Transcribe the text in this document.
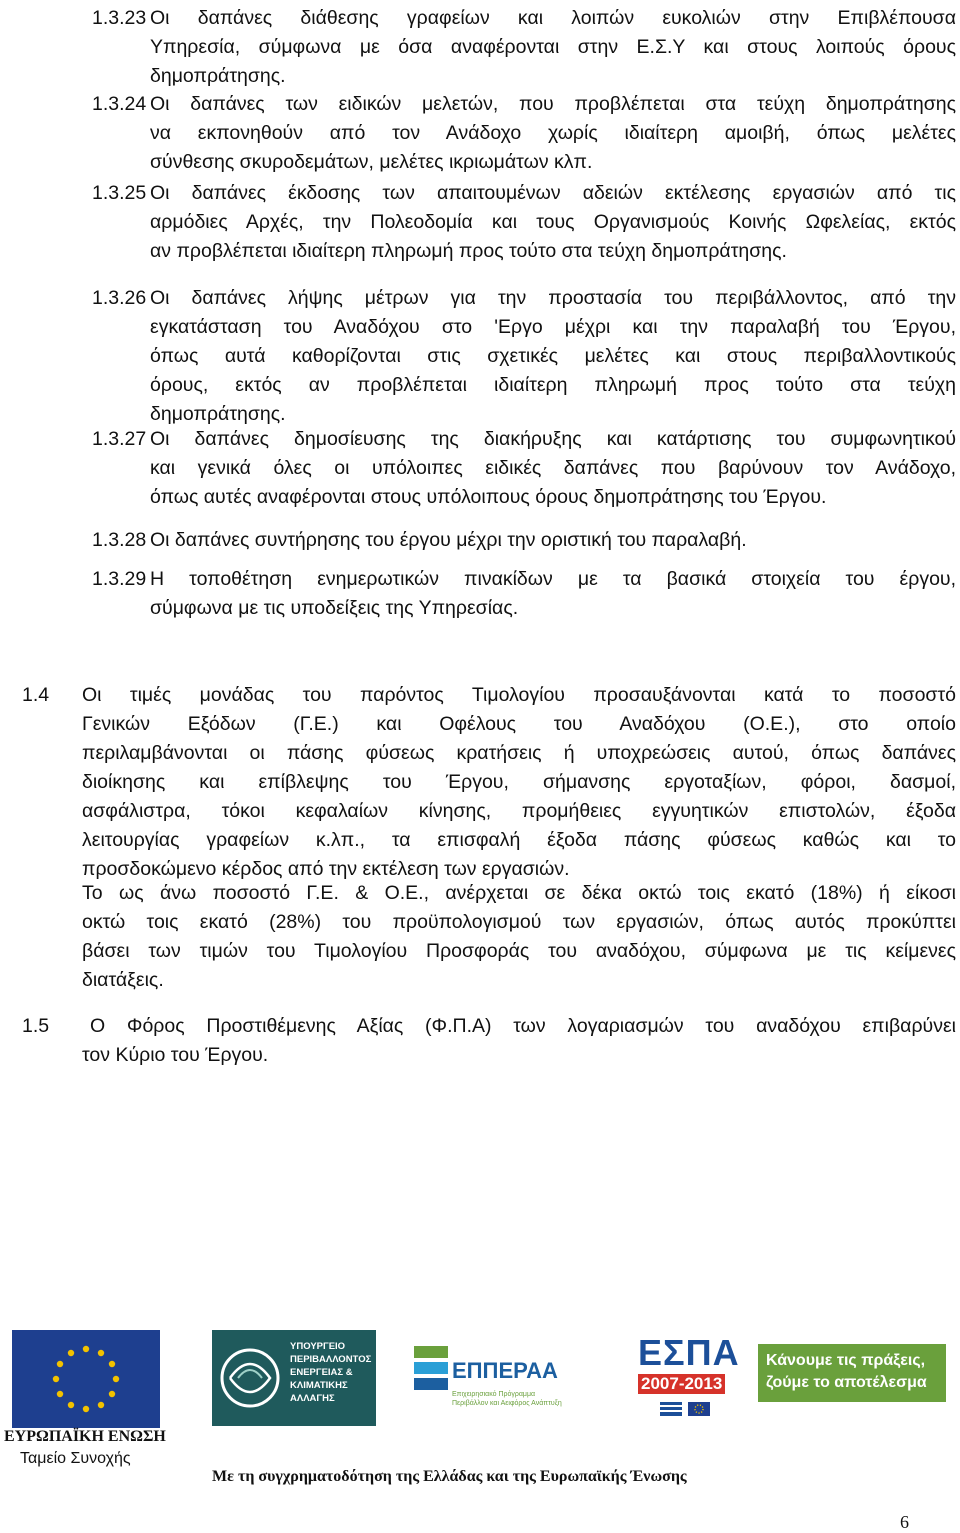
1.3.23 Οι δαπάνες διάθεσης γραφείων και λοιπών ευκολιών στην Επιβλέπουσα
Υπηρεσία, σύμφωνα με όσα αναφέρονται στην Ε.Σ.Υ και στους λοιπούς όρους
δημοπράτησης.
1.3.24 Οι δαπάνες των ειδικών μελετών, που προβλέπεται στα τεύχη δημοπράτησης
να εκπονηθούν από τον Ανάδοχο χωρίς ιδιαίτερη αμοιβή, όπως μελέτες
σύνθεσης σκυροδεμάτων, μελέτες ικριωμάτων κλπ.
1.3.25 Οι δαπάνες έκδοσης των απαιτουμένων αδειών εκτέλεσης εργασιών από τις
αρμόδιες Αρχές, την Πολεοδομία και τους Οργανισμούς Κοινής Ωφελείας, εκτός
αν προβλέπεται ιδιαίτερη πληρωμή προς τούτο στα τεύχη δημοπράτησης.
1.3.26 Οι δαπάνες λήψης μέτρων για την προστασία του περιβάλλοντος, από την
εγκατάσταση του Αναδόχου στο 'Εργο μέχρι και την παραλαβή του Έργου,
όπως αυτά καθορίζονται στις σχετικές μελέτες και στους περιβαλλοντικούς
όρους, εκτός αν προβλέπεται ιδιαίτερη πληρωμή προς τούτο στα τεύχη
δημοπράτησης.
1.3.27 Οι δαπάνες δημοσίευσης της διακήρυξης και κατάρτισης του συμφωνητικού
και γενικά όλες οι υπόλοιπες ειδικές δαπάνες που βαρύνουν τον Ανάδοχο,
όπως αυτές αναφέρονται στους υπόλοιπους όρους δημοπράτησης του Έργου.
1.3.28 Οι δαπάνες συντήρησης του έργου μέχρι την οριστική του παραλαβή.
1.3.29 Η τοποθέτηση ενημερωτικών πινακίδων με τα βασικά στοιχεία του έργου,
σύμφωνα με τις υποδείξεις της Υπηρεσίας.
1.4 Οι τιμές μονάδας του παρόντος Τιμολογίου προσαυξάνονται κατά το ποσοστό
Γενικών Εξόδων (Γ.Ε.) και Οφέλους του Αναδόχου (Ο.Ε.), στο οποίο
περιλαμβάνονται οι πάσης φύσεως κρατήσεις ή υποχρεώσεις αυτού, όπως δαπάνες
διοίκησης και επίβλεψης του Έργου, σήμανσης εργοταξίων, φόροι, δασμοί,
ασφάλιστρα, τόκοι κεφαλαίων κίνησης, προμήθειες εγγυητικών επιστολών, έξοδα
λειτουργίας γραφείων κ.λπ., τα επισφαλή έξοδα πάσης φύσεως καθώς και το
προσδοκώμενο κέρδος από την εκτέλεση των εργασιών.
Το ως άνω ποσοστό Γ.Ε. & Ο.Ε., ανέρχεται σε δέκα οκτώ τοις εκατό (18%) ή είκοσι
οκτώ τοις εκατό (28%) του προϋπολογισμού των εργασιών, όπως αυτός προκύπτει
βάσει των τιμών του Τιμολογίου Προσφοράς του αναδόχου, σύμφωνα με τις κείμενες
διατάξεις.
1.5 Ο Φόρος Προστιθέμενης Αξίας (Φ.Π.Α) των λογαριασμών του αναδόχου επιβαρύνει
τον Κύριο του Έργου.
ΕΥΡΩΠΑΪΚΗ ΕΝΩΣΗ
Ταμείο Συνοχής
ΥΠΟΥΡΓΕΙΟ
ΠΕΡΙΒΑΛΛΟΝΤΟΣ
ΕΝΕΡΓΕΙΑΣ &
ΚΛΙΜΑΤΙΚΗΣ
ΑΛΛΑΓΗΣ
ΕΠΠΕΡΑΑ
Επιχειρησιακό Πρόγραμμα
Περιβάλλον και Αειφόρος Ανάπτυξη
ΕΣΠΑ
2007-2013
Κάνουμε τις πράξεις,
ζούμε το αποτέλεσμα
Με τη συγχρηματοδότηση της Ελλάδας και της Ευρωπαϊκής Ένωσης
6
